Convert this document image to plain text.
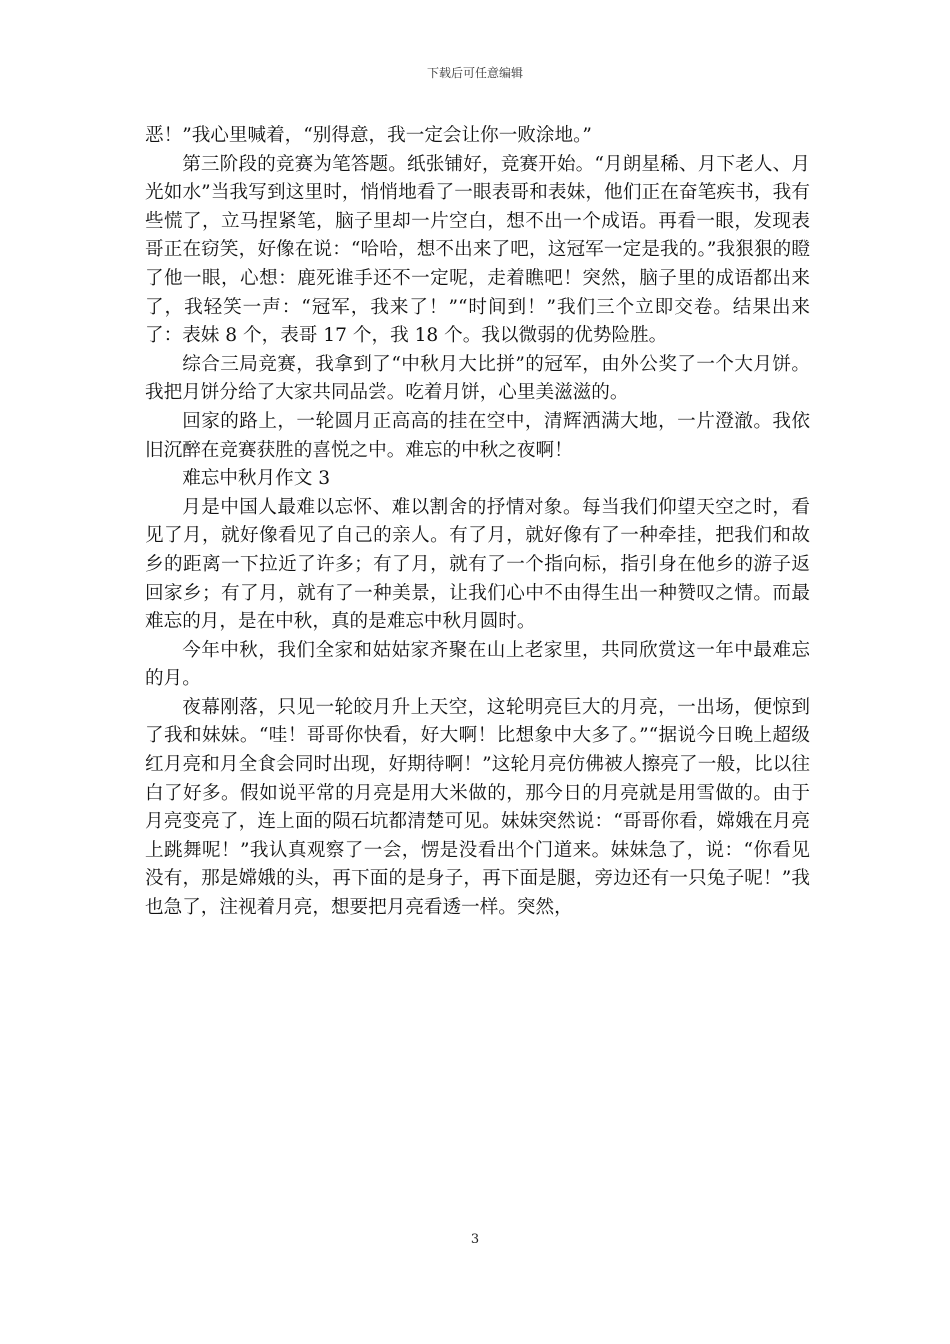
下载后可任意编辑

恶！”我心里喊着，“别得意，我一定会让你一败涂地。”

第三阶段的竞赛为笔答题。纸张铺好，竞赛开始。“月朗星稀、月下老人、月光如水”当我写到这里时，悄悄地看了一眼表哥和表妹，他们正在奋笔疾书，我有些慌了，立马捏紧笔，脑子里却一片空白，想不出一个成语。再看一眼，发现表哥正在窃笑，好像在说：“哈哈，想不出来了吧，这冠军一定是我的。”我狠狠的瞪了他一眼，心想：鹿死谁手还不一定呢，走着瞧吧！突然，脑子里的成语都出来了，我轻笑一声：“冠军，我来了！”“时间到！”我们三个立即交卷。结果出来了：表妹 8 个，表哥 17 个，我 18 个。我以微弱的优势险胜。

综合三局竞赛，我拿到了“中秋月大比拼”的冠军，由外公奖了一个大月饼。我把月饼分给了大家共同品尝。吃着月饼，心里美滋滋的。

回家的路上，一轮圆月正高高的挂在空中，清辉洒满大地，一片澄澈。我依旧沉醉在竞赛获胜的喜悦之中。难忘的中秋之夜啊！

难忘中秋月作文 3

月是中国人最难以忘怀、难以割舍的抒情对象。每当我们仰望天空之时，看见了月，就好像看见了自己的亲人。有了月，就好像有了一种牵挂，把我们和故乡的距离一下拉近了许多；有了月，就有了一个指向标，指引身在他乡的游子返回家乡；有了月，就有了一种美景，让我们心中不由得生出一种赞叹之情。而最难忘的月，是在中秋，真的是难忘中秋月圆时。

今年中秋，我们全家和姑姑家齐聚在山上老家里，共同欣赏这一年中最难忘的月。

夜幕刚落，只见一轮皎月升上天空，这轮明亮巨大的月亮，一出场，便惊到了我和妹妹。“哇！哥哥你快看，好大啊！比想象中大多了。”“据说今日晚上超级红月亮和月全食会同时出现，好期待啊！”这轮月亮仿佛被人擦亮了一般，比以往白了好多。假如说平常的月亮是用大米做的，那今日的月亮就是用雪做的。由于月亮变亮了，连上面的陨石坑都清楚可见。妹妹突然说：“哥哥你看，嫦娥在月亮上跳舞呢！”我认真观察了一会，愣是没看出个门道来。妹妹急了，说：“你看见没有，那是嫦娥的头，再下面的是身子，再下面是腿，旁边还有一只兔子呢！”我也急了，注视着月亮，想要把月亮看透一样。突然，

3
